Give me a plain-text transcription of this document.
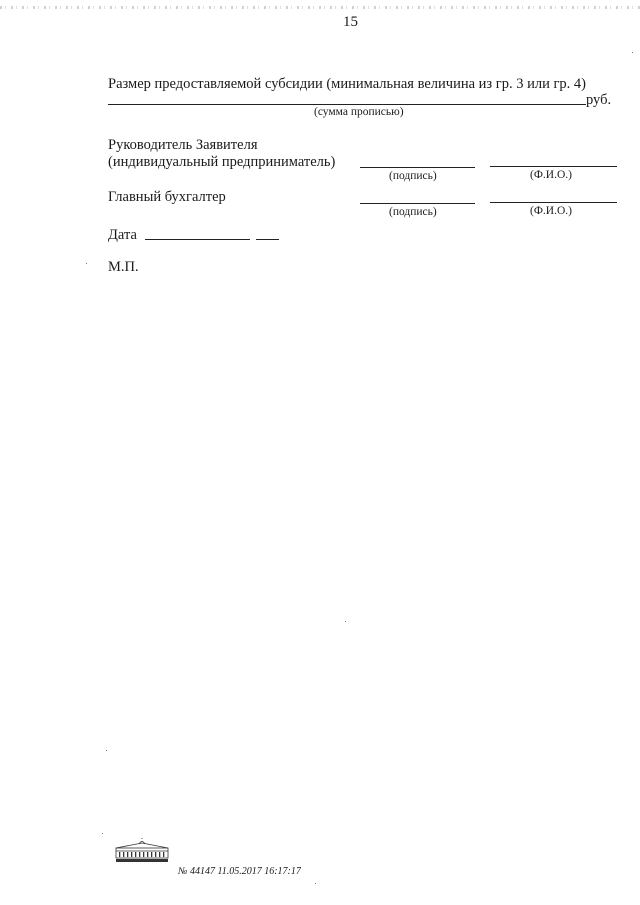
15
Размер предоставляемой субсидии (минимальная величина из гр. 3 или гр. 4)
руб.
(сумма прописью)
Руководитель Заявителя
(индивидуальный предприниматель)
(подпись)	(Ф.И.О.)
Главный бухгалтер
(подпись)	(Ф.И.О.)
Дата
М.П.
№ 44147 11.05.2017 16:17:17
